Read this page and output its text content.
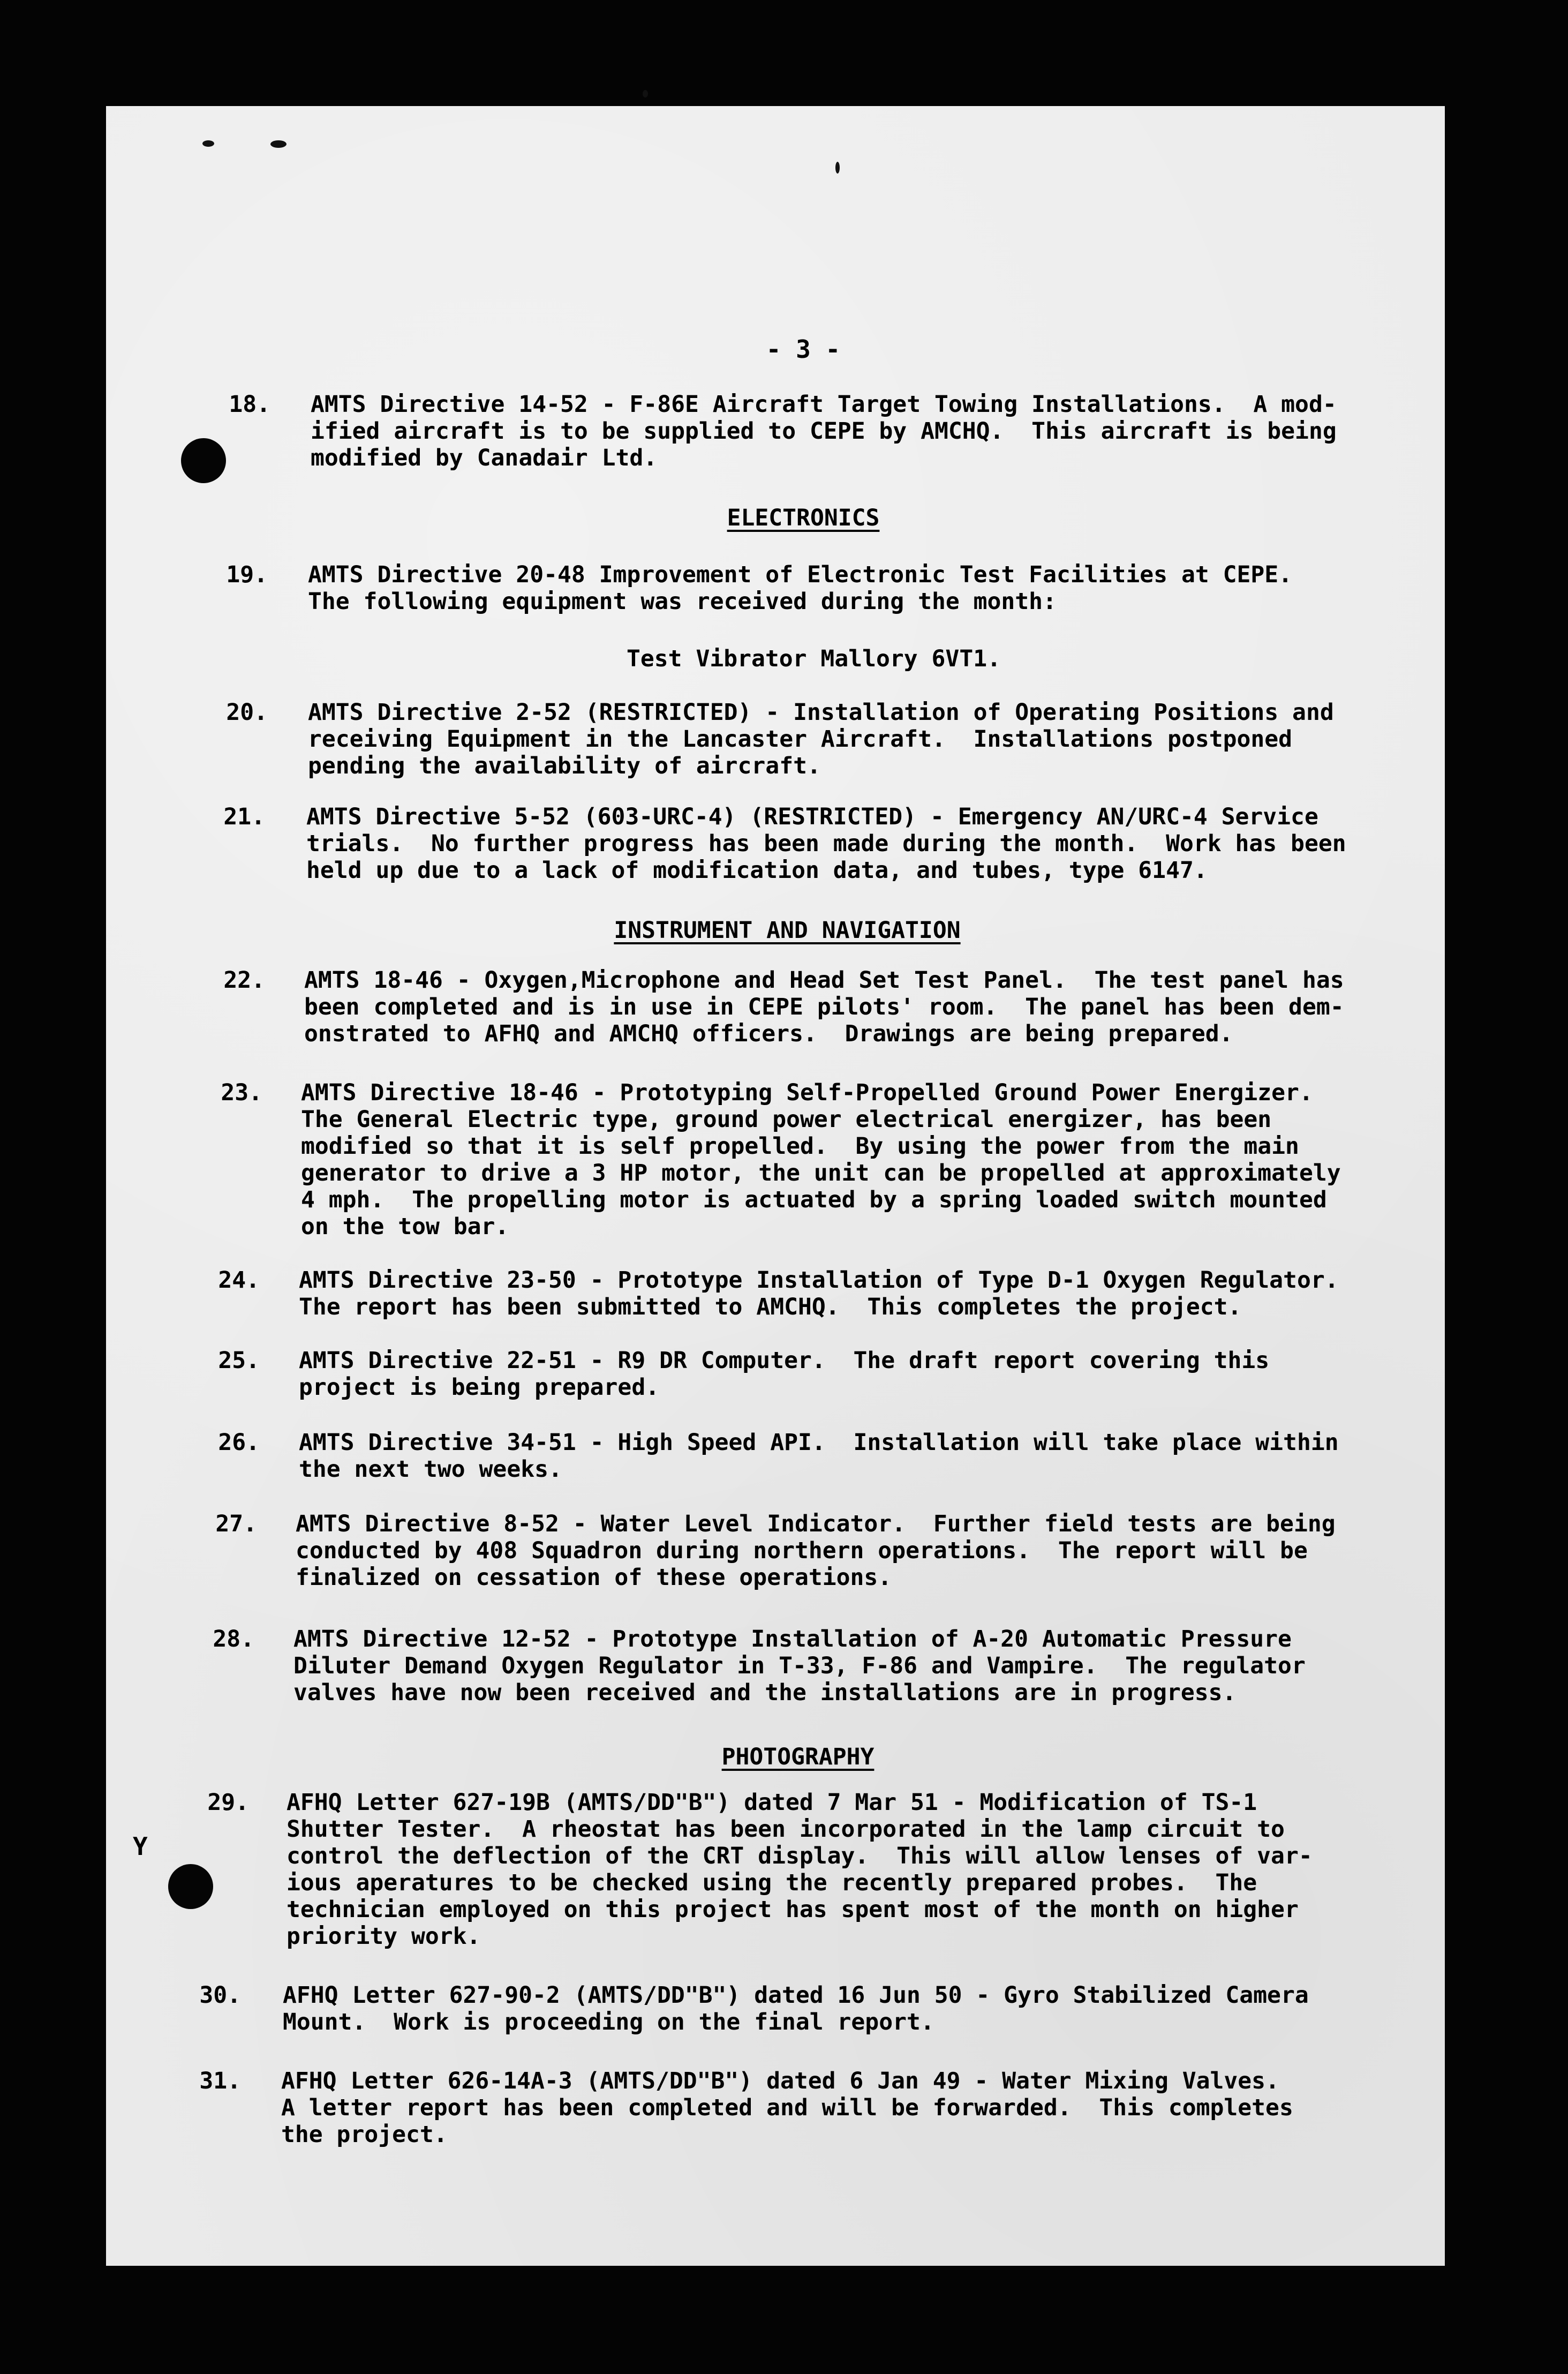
- 3 -
Y
18. AMTS Directive 14-52 - F-86E Aircraft Target Towing Installations.  A mod-
ified aircraft is to be supplied to CEPE by AMCHQ.  This aircraft is being
modified by Canadair Ltd.
ELECTRONICS
19. AMTS Directive 20-48 Improvement of Electronic Test Facilities at CEPE.
The following equipment was received during the month:
Test Vibrator Mallory 6VT1.
20. AMTS Directive 2-52 (RESTRICTED) - Installation of Operating Positions and
receiving Equipment in the Lancaster Aircraft.  Installations postponed
pending the availability of aircraft.
21. AMTS Directive 5-52 (603-URC-4) (RESTRICTED) - Emergency AN/URC-4 Service
trials.  No further progress has been made during the month.  Work has been
held up due to a lack of modification data, and tubes, type 6147.
INSTRUMENT AND NAVIGATION
22. AMTS 18-46 - Oxygen,Microphone and Head Set Test Panel.  The test panel has
been completed and is in use in CEPE pilots' room.  The panel has been dem-
onstrated to AFHQ and AMCHQ officers.  Drawings are being prepared.
23. AMTS Directive 18-46 - Prototyping Self-Propelled Ground Power Energizer.
The General Electric type, ground power electrical energizer, has been
modified so that it is self propelled.  By using the power from the main
generator to drive a 3 HP motor, the unit can be propelled at approximately
4 mph.  The propelling motor is actuated by a spring loaded switch mounted
on the tow bar.
24. AMTS Directive 23-50 - Prototype Installation of Type D-1 Oxygen Regulator.
The report has been submitted to AMCHQ.  This completes the project.
25. AMTS Directive 22-51 - R9 DR Computer.  The draft report covering this
project is being prepared.
26. AMTS Directive 34-51 - High Speed API.  Installation will take place within
the next two weeks.
27. AMTS Directive 8-52 - Water Level Indicator.  Further field tests are being
conducted by 408 Squadron during northern operations.  The report will be
finalized on cessation of these operations.
28. AMTS Directive 12-52 - Prototype Installation of A-20 Automatic Pressure
Diluter Demand Oxygen Regulator in T-33, F-86 and Vampire.  The regulator
valves have now been received and the installations are in progress.
PHOTOGRAPHY
29. AFHQ Letter 627-19B (AMTS/DD"B") dated 7 Mar 51 - Modification of TS-1
Shutter Tester.  A rheostat has been incorporated in the lamp circuit to
control the deflection of the CRT display.  This will allow lenses of var-
ious aperatures to be checked using the recently prepared probes.  The
technician employed on this project has spent most of the month on higher
priority work.
30. AFHQ Letter 627-90-2 (AMTS/DD"B") dated 16 Jun 50 - Gyro Stabilized Camera
Mount.  Work is proceeding on the final report.
31. AFHQ Letter 626-14A-3 (AMTS/DD"B") dated 6 Jan 49 - Water Mixing Valves.
A letter report has been completed and will be forwarded.  This completes
the project.
